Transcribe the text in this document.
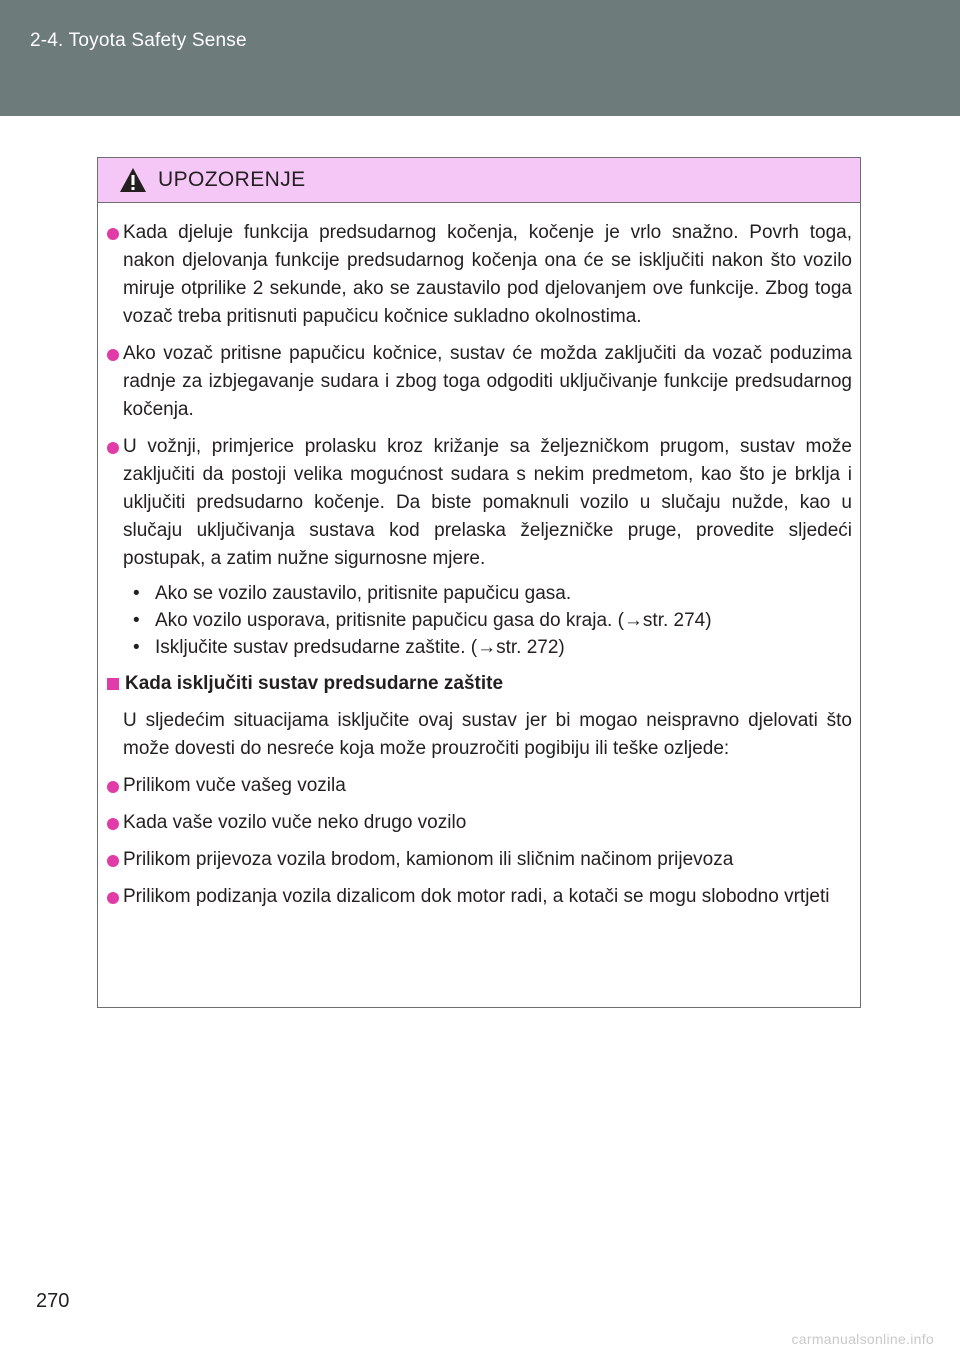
2-4. Toyota Safety Sense
UPOZORENJE
Kada djeluje funkcija predsudarnog kočenja, kočenje je vrlo snažno. Povrh toga, nakon djelovanja funkcije predsudarnog kočenja ona će se isključiti nakon što vozilo miruje otprilike 2 sekunde, ako se zaustavilo pod djelovanjem ove funkcije. Zbog toga vozač treba pritisnuti papučicu kočnice sukladno okolnostima.
Ako vozač pritisne papučicu kočnice, sustav će možda zaključiti da vozač poduzima radnje za izbjegavanje sudara i zbog toga odgoditi uključivanje funkcije predsudarnog kočenja.
U vožnji, primjerice prolasku kroz križanje sa željezničkom prugom, sustav može zaključiti da postoji velika mogućnost sudara s nekim predmetom, kao što je brklja i uključiti predsudarno kočenje. Da biste pomaknuli vozilo u slučaju nužde, kao u slučaju uključivanja sustava kod prelaska željezničke pruge, provedite sljedeći postupak, a zatim nužne sigurnosne mjere.
• Ako se vozilo zaustavilo, pritisnite papučicu gasa.
• Ako vozilo usporava, pritisnite papučicu gasa do kraja. (→str. 274)
• Isključite sustav predsudarne zaštite. (→str. 272)
Kada isključiti sustav predsudarne zaštite
U sljedećim situacijama isključite ovaj sustav jer bi mogao neispravno djelovati što može dovesti do nesreće koja može prouzročiti pogibiju ili teške ozljede:
Prilikom vuče vašeg vozila
Kada vaše vozilo vuče neko drugo vozilo
Prilikom prijevoza vozila brodom, kamionom ili sličnim načinom prijevoza
Prilikom podizanja vozila dizalicom dok motor radi, a kotači se mogu slobodno vrtjeti
270
carmanualsonline.info
